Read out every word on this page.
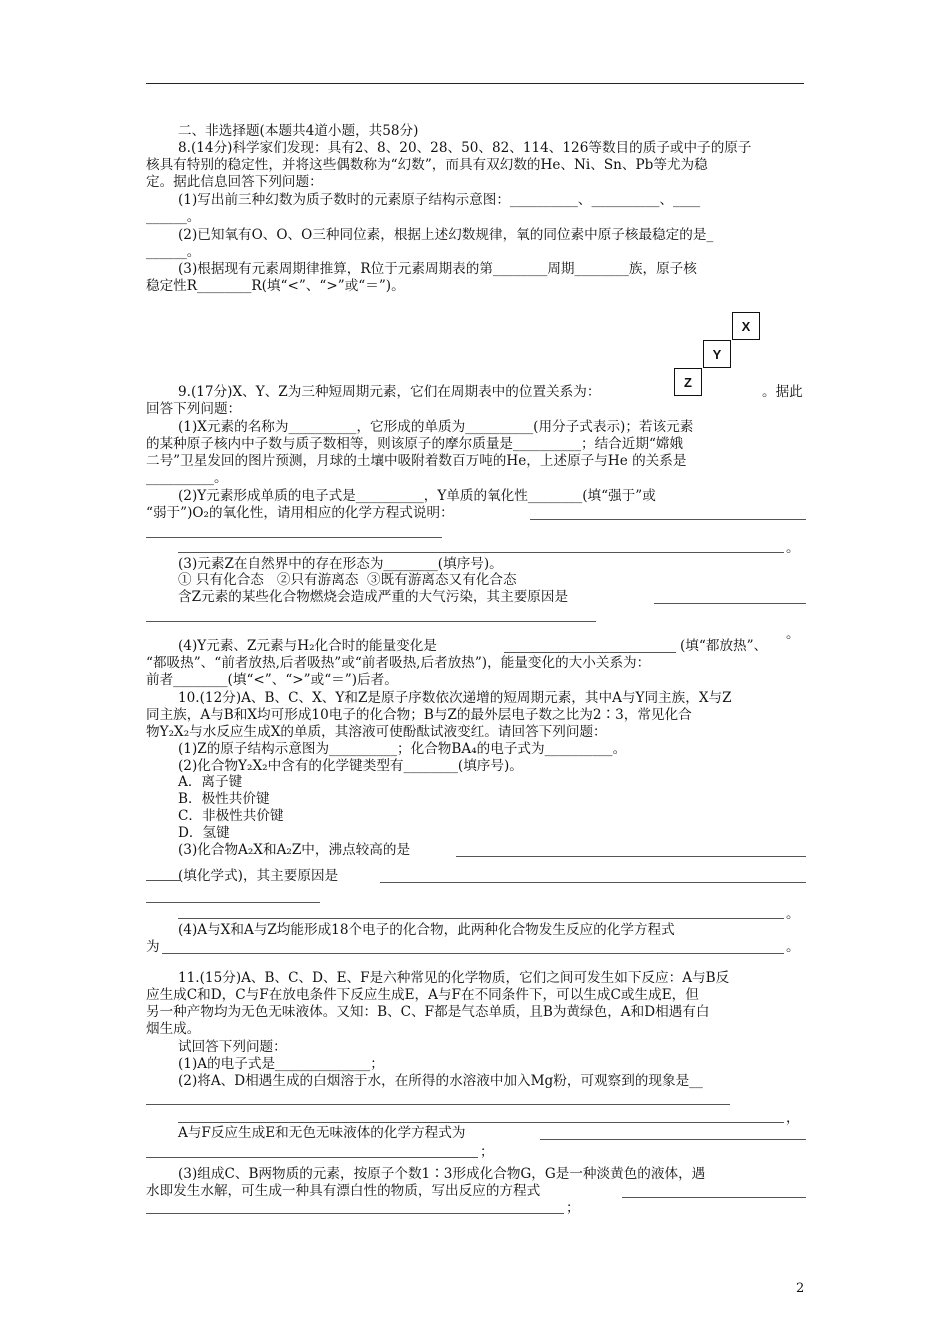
二、非选择题(本题共4道小题，共58分)
8.(14分)科学家们发现：具有2、8、20、28、50、82、114、126等数目的质子或中子的原子
核具有特别的稳定性，并将这些偶数称为“幻数”，而具有双幻数的He、Ni、Sn、Pb等尤为稳
定。据此信息回答下列问题：
(1)写出前三种幻数为质子数时的元素原子结构示意图：__________、__________、____
______。
(2)已知氧有O、O、O三种同位素，根据上述幻数规律，氧的同位素中原子核最稳定的是_
______。
(3)根据现有元素周期律推算，R位于元素周期表的第________周期________族，原子核
稳定性R________R(填“<”、“>”或“＝”)。
X
Y
Z
9.(17分)X、Y、Z为三种短周期元素，它们在周期表中的位置关系为：	。据此
回答下列问题：
(1)X元素的名称为__________，它形成的单质为__________(用分子式表示)；若该元素
的某种原子核内中子数与质子数相等，则该原子的摩尔质量是__________；结合近期“嫦娥
二号”卫星发回的图片预测，月球的土壤中吸附着数百万吨的He，上述原子与He 的关系是
__________。
(2)Y元素形成单质的电子式是__________，Y单质的氧化性________(填“强于”或
“弱于”)O₂的氧化性，请用相应的化学方程式说明：
。
(3)元素Z在自然界中的存在形态为________(填序号)。
① 只有化合态   ②只有游离态  ③既有游离态又有化合态
含Z元素的某些化合物燃烧会造成严重的大气污染，其主要原因是
。
(4)Y元素、Z元素与H₂化合时的能量变化是	(填“都放热”、
“都吸热”、“前者放热,后者吸热”或“前者吸热,后者放热”)，能量变化的大小关系为：
前者________(填“<”、“>”或“＝”)后者。
10.(12分)A、B、C、X、Y和Z是原子序数依次递增的短周期元素，其中A与Y同主族，X与Z
同主族，A与B和X均可形成10电子的化合物；B与Z的最外层电子数之比为2∶3，常见化合
物Y₂X₂与水反应生成X的单质，其溶液可使酚酞试液变红。请回答下列问题：
(1)Z的原子结构示意图为__________；化合物BA₄的电子式为__________。
(2)化合物Y₂X₂中含有的化学键类型有________(填序号)。
A．离子键
B．极性共价键
C．非极性共价键
D．氢键
(3)化合物A₂X和A₂Z中，沸点较高的是
(填化学式)，其主要原因是
。
(4)A与X和A与Z均能形成18个电子的化合物，此两种化合物发生反应的化学方程式
为	。
11.(15分)A、B、C、D、E、F是六种常见的化学物质，它们之间可发生如下反应：A与B反
应生成C和D，C与F在放电条件下反应生成E，A与F在不同条件下，可以生成C或生成E，但
另一种产物均为无色无味液体。又知：B、C、F都是气态单质，且B为黄绿色，A和D相遇有白
烟生成。
试回答下列问题：
(1)A的电子式是______________；
(2)将A、D相遇生成的白烟溶于水，在所得的水溶液中加入Mg粉，可观察到的现象是__
，
A与F反应生成E和无色无味液体的化学方程式为
；
(3)组成C、B两物质的元素，按原子个数1∶3形成化合物G，G是一种淡黄色的液体，遇
水即发生水解，可生成一种具有漂白性的物质，写出反应的方程式
；
2
